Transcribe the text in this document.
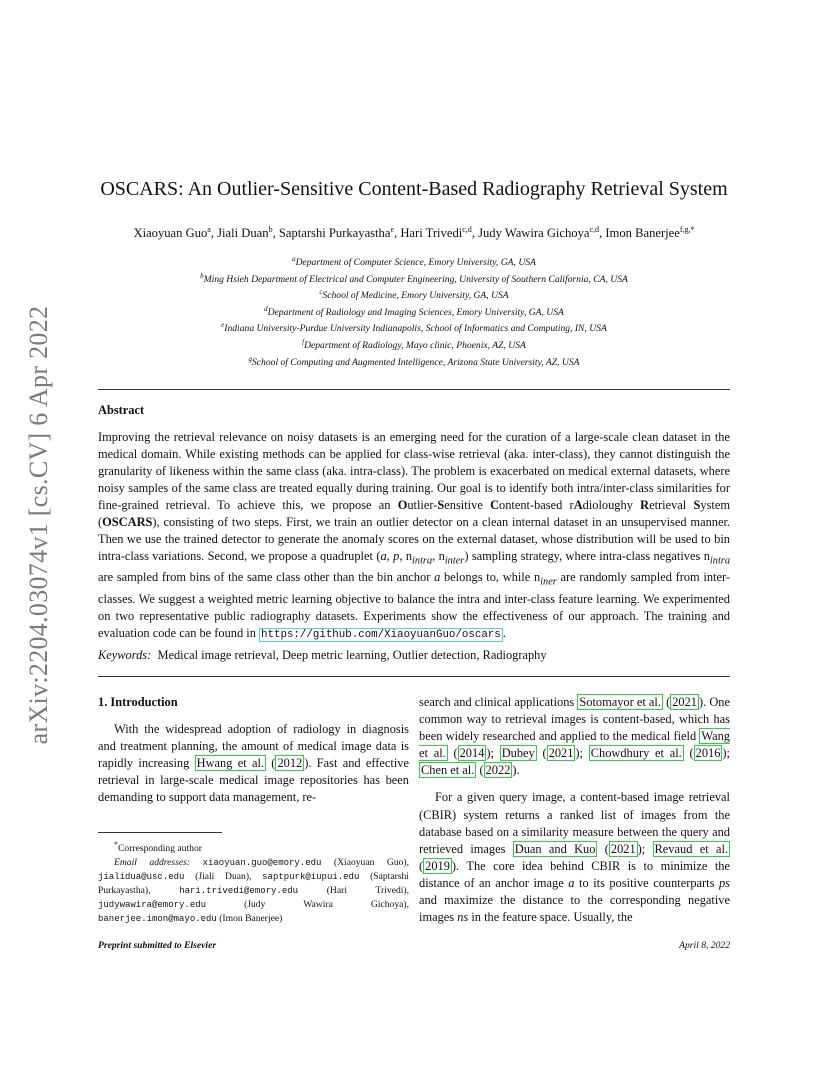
arXiv:2204.03074v1 [cs.CV] 6 Apr 2022
OSCARS: An Outlier-Sensitive Content-Based Radiography Retrieval System
Xiaoyuan Guo$^a$, Jiali Duan$^b$, Saptarshi Purkayastha$^e$, Hari Trivedi$^{c,d}$, Judy Wawira Gichoya$^{c,d}$, Imon Banerjee$^{f,g,*}$
$^a$Department of Computer Science, Emory University, GA, USA
$^b$Ming Hsieh Department of Electrical and Computer Engineering, University of Southern California, CA, USA
$^c$School of Medicine, Emory University, GA, USA
$^d$Department of Radiology and Imaging Sciences, Emory University, GA, USA
$^e$Indiana University-Purdue University Indianapolis, School of Informatics and Computing, IN, USA
$^f$Department of Radiology, Mayo clinic, Phoenix, AZ, USA
$^g$School of Computing and Augmented Intelligence, Arizona State University, AZ, USA
Abstract
Improving the retrieval relevance on noisy datasets is an emerging need for the curation of a large-scale clean dataset in the medical domain. While existing methods can be applied for class-wise retrieval (aka. inter-class), they cannot distinguish the granularity of likeness within the same class (aka. intra-class). The problem is exacerbated on medical external datasets, where noisy samples of the same class are treated equally during training. Our goal is to identify both intra/inter-class similarities for fine-grained retrieval. To achieve this, we propose an Outlier-Sensitive Content-based rAdioloughy Retrieval System (OSCARS), consisting of two steps. First, we train an outlier detector on a clean internal dataset in an unsupervised manner. Then we use the trained detector to generate the anomaly scores on the external dataset, whose distribution will be used to bin intra-class variations. Second, we propose a quadruplet (a, p, $n_{intra}$, $n_{inter}$) sampling strategy, where intra-class negatives $n_{intra}$ are sampled from bins of the same class other than the bin anchor a belongs to, while $n_{iner}$ are randomly sampled from inter-classes. We suggest a weighted metric learning objective to balance the intra and inter-class feature learning. We experimented on two representative public radiography datasets. Experiments show the effectiveness of our approach. The training and evaluation code can be found in https://github.com/XiaoyuanGuo/oscars .
Keywords: Medical image retrieval, Deep metric learning, Outlier detection, Radiography

1. Introduction

With the widespread adoption of radiology in diagnosis and treatment planning, the amount of medical image data is rapidly increasing Hwang et al. ( 2012 ). Fast and effective retrieval in large-scale medical image repositories has been demanding to support data management, re-

search and clinical applications Sotomayor et al. ( 2021 ). One common way to retrieval images is content-based, which has been widely researched and applied to the medical field Wang et al. ( 2014 ); Dubey ( 2021 ); Chowdhury et al. ( 2016 ); Chen et al. ( 2022 ).

For a given query image, a content-based image retrieval (CBIR) system returns a ranked list of images from the database based on a similarity measure between the query and retrieved images Duan and Kuo ( 2021 ); Revaud et al. ( 2019 ). The core idea behind CBIR is to minimize the distance of an anchor image a to its positive counterparts ps and maximize the distance to the corresponding negative images ns in the feature space. Usually, the

*Corresponding author
Email addresses: xiaoyuan.guo@emory.edu (Xiaoyuan Guo), jialidua@usc.edu (Jiali Duan), saptpurk@iupui.edu (Saptarshi Purkayastha), hari.trivedi@emory.edu (Hari Trivedi), judywawira@emory.edu (Judy Wawira Gichoya), banerjee.imon@mayo.edu (Imon Banerjee)
Preprint submitted to Elsevier	April 8, 2022
